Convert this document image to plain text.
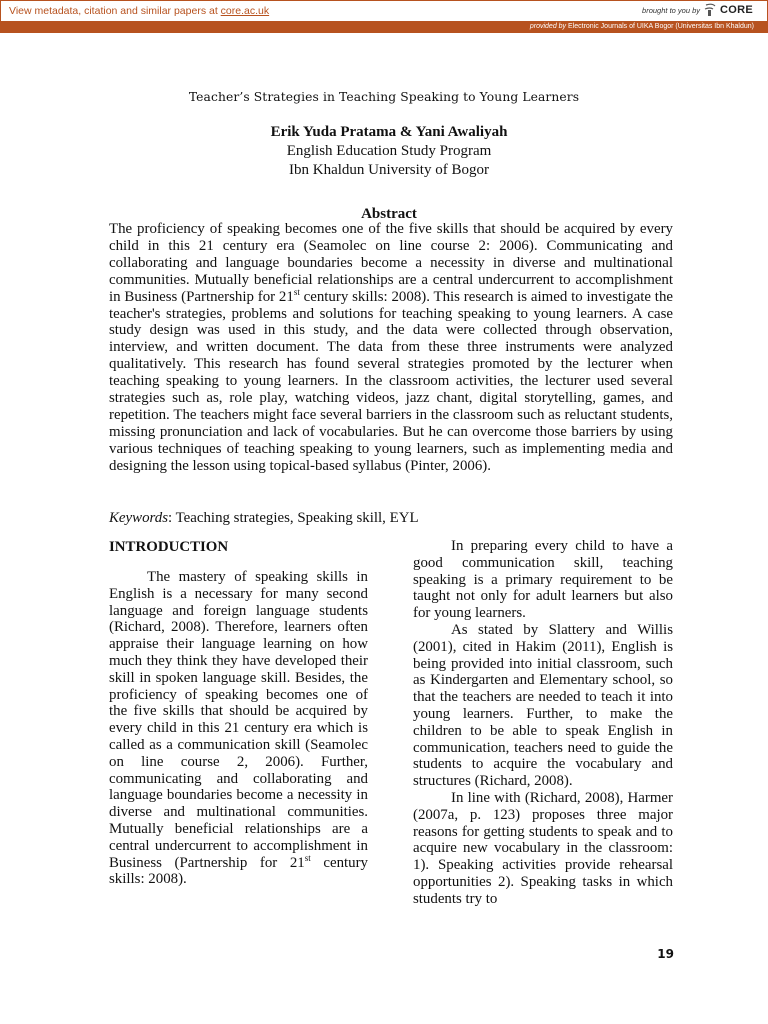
View metadata, citation and similar papers at core.ac.uk	brought to you by CORE
provided by Electronic Journals of UIKA Bogor (Universitas Ibn Khaldun)
Teacher’s Strategies in Teaching Speaking to Young Learners
Erik Yuda Pratama & Yani Awaliyah
English Education Study Program
Ibn Khaldun University of Bogor
Abstract

The proficiency of speaking becomes one of the five skills that should be acquired by every child in this 21 century era (Seamolec on line course 2: 2006). Communicating and collaborating and language boundaries become a necessity in diverse and multinational communities. Mutually beneficial relationships are a central undercurrent to accomplishment in Business (Partnership for 21st century skills: 2008). This research is aimed to investigate the teacher's strategies, problems and solutions for teaching speaking to young learners. A case study design was used in this study, and the data were collected through observation, interview, and written document. The data from these three instruments were analyzed qualitatively. This research has found several strategies promoted by the lecturer when teaching speaking to young learners. In the classroom activities, the lecturer used several strategies such as, role play, watching videos, jazz chant, digital storytelling, games, and repetition. The teachers might face several barriers in the classroom such as reluctant students, missing pronunciation and lack of vocabularies. But he can overcome those barriers by using various techniques of teaching speaking to young learners, such as implementing media and designing the lesson using topical-based syllabus (Pinter, 2006).

Keywords: Teaching strategies, Speaking skill, EYL
INTRODUCTION

The mastery of speaking skills in English is a necessary for many second language and foreign language students (Richard, 2008). Therefore, learners often appraise their language learning on how much they think they have developed their skill in spoken language skill. Besides, the proficiency of speaking becomes one of the five skills that should be acquired by every child in this 21 century era which is called as a communication skill (Seamolec on line course 2, 2006). Further, communicating and collaborating and language boundaries become a necessity in diverse and multinational communities. Mutually beneficial relationships are a central undercurrent to accomplishment in Business (Partnership for 21st century skills: 2008).

In preparing every child to have a good communication skill, teaching speaking is a primary requirement to be taught not only for adult learners but also for young learners.

As stated by Slattery and Willis (2001), cited in Hakim (2011), English is being provided into initial classroom, such as Kindergarten and Elementary school, so that the teachers are needed to teach it into young learners. Further, to make the children to be able to speak English in communication, teachers need to guide the students to acquire the vocabulary and structures (Richard, 2008).

In line with (Richard, 2008), Harmer (2007a, p. 123) proposes three major reasons for getting students to speak and to acquire new vocabulary in the classroom: 1). Speaking activities provide rehearsal opportunities 2). Speaking tasks in which students try to

19
